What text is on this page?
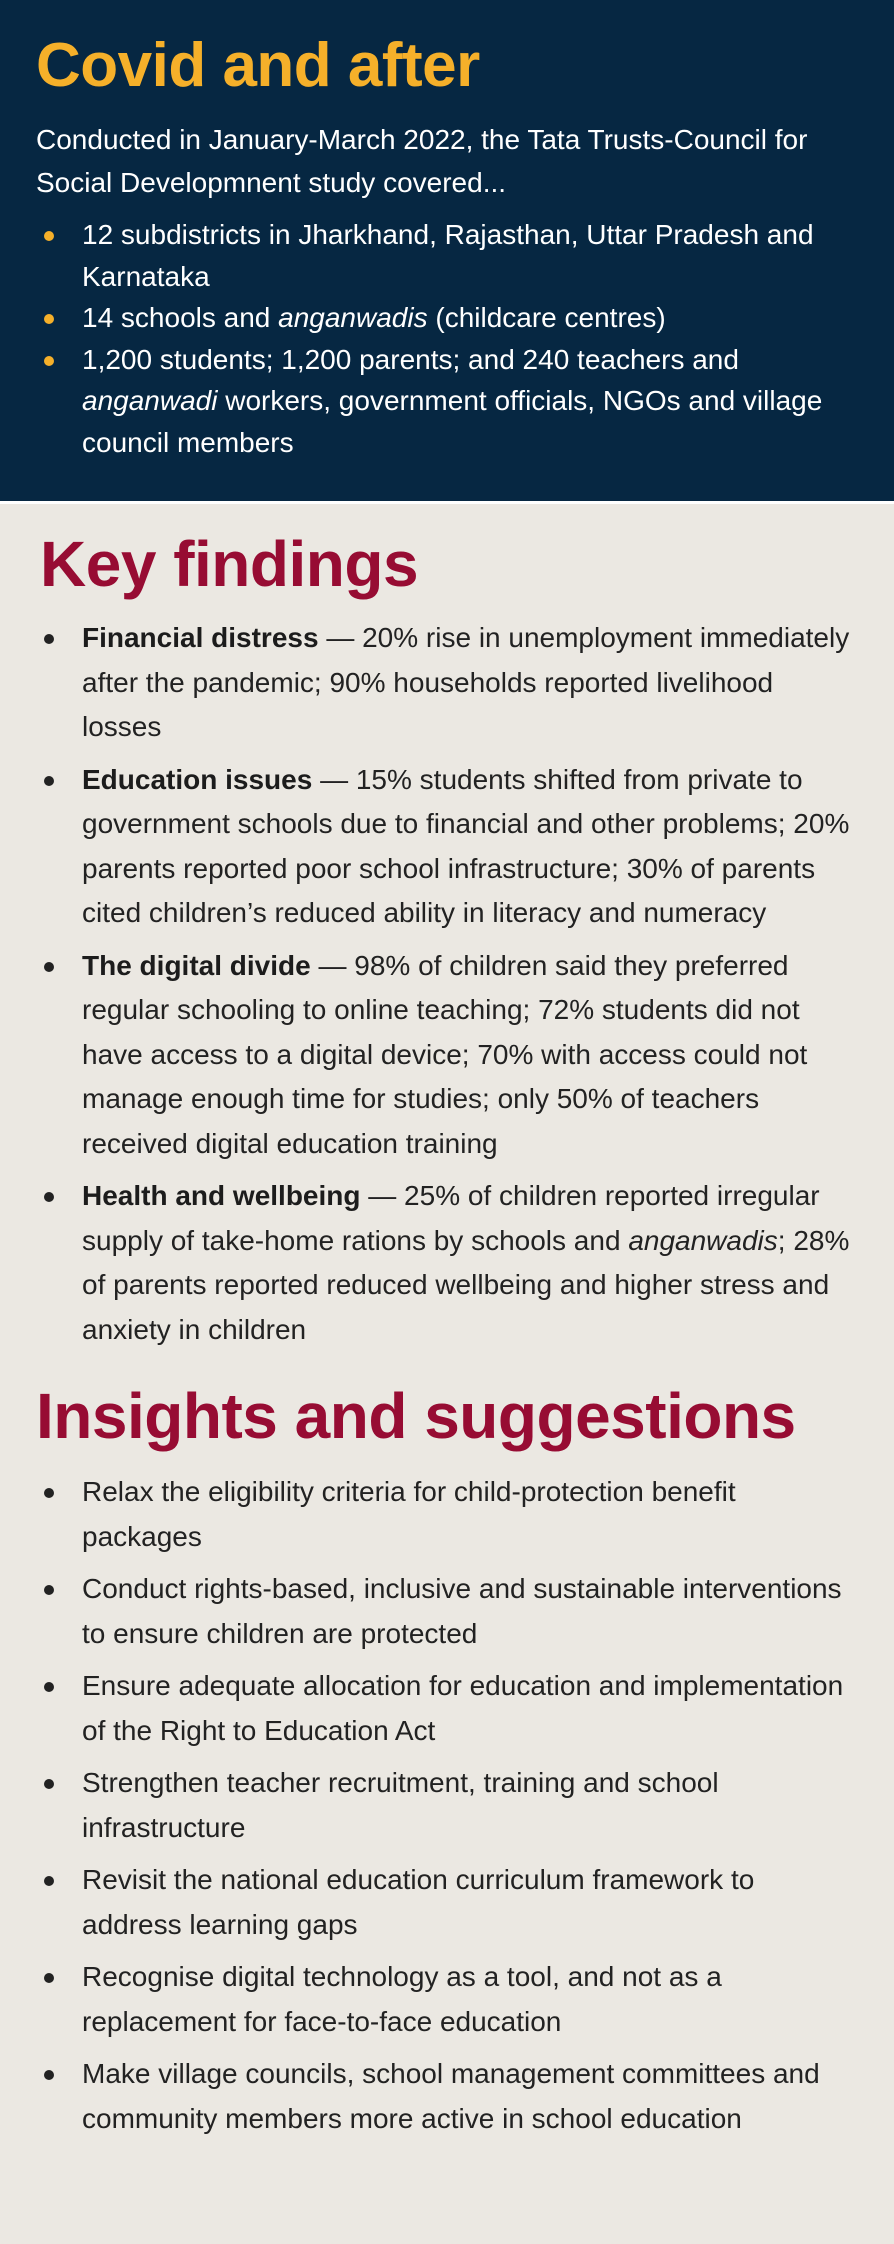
Covid and after

Conducted in January-March 2022, the Tata Trusts-Council for Social Developmnent study covered...

12 subdistricts in Jharkhand, Rajasthan, Uttar Pradesh and Karnataka
14 schools and anganwadis (childcare centres)
1,200 students; 1,200 parents; and 240 teachers and anganwadi workers, government officials, NGOs and village council members
Key findings
Financial distress — 20% rise in unemployment immediately after the pandemic; 90% households reported livelihood losses
Education issues — 15% students shifted from private to government schools due to financial and other problems; 20% parents reported poor school infrastructure; 30% of parents cited children’s reduced ability in literacy and numeracy
The digital divide — 98% of children said they preferred regular schooling to online teaching; 72% students did not have access to a digital device; 70% with access could not manage enough time for studies; only 50% of teachers received digital education training
Health and wellbeing — 25% of children reported irregular supply of take-home rations by schools and anganwadis; 28% of parents reported reduced wellbeing and higher stress and anxiety in children
Insights and suggestions
Relax the eligibility criteria for child-protection benefit packages
Conduct rights-based, inclusive and sustainable interventions to ensure children are protected
Ensure adequate allocation for education and implementation of the Right to Education Act
Strengthen teacher recruitment, training and school infrastructure
Revisit the national education curriculum framework to address learning gaps
Recognise digital technology as a tool, and not as a replacement for face-to-face education
Make village councils, school management committees and community members more active in school education
